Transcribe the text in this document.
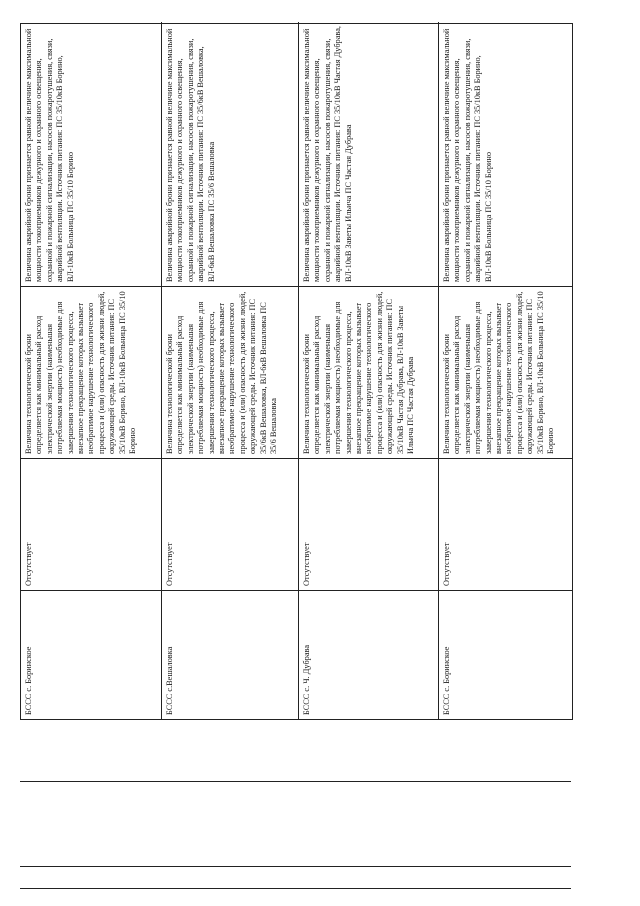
БССС с. Боринское
Отсутствует
Величина технологической брони определяется как минимальный расход электрической энергии (наименьшая потребляемая мощность) необходимые для завершения технологического процесса, внезапное прекращение которых вызывает необратимое нарушение технологического процесса и (или) опасность для жизни людей, окружающей среды. Источник питания: ПС 35/10кВ Борино, ВЛ-10кВ Больница ПС 35/10 Борино
Величина аварийной брони признается равной величине максимальной мощности токоприемников дежурного и охранного освещения, охранной и пожарной сигнализации, насосов пожаротушения, связи, аварийной вентиляции. Источник питания: ПС 35/10кВ Борино, ВЛ-10кВ Больница ПС 35/10 Борино
БССС с.Вешаловка
Отсутствует
Величина технологической брони определяется как минимальный расход электрической энергии (наименьшая потребляемая мощность) необходимые для завершения технологического процесса, внезапное прекращение которых вызывает необратимое нарушение технологического процесса и (или) опасность для жизни людей, окружающей среды. Источник питания: ПС 35/6кВ Вешаловка, ВЛ-6кВ Вешаловка ПС 35/6 Вешаловка
Величина аварийной брони признается равной величине максимальной мощности токоприемников дежурного и охранного освещения, охранной и пожарной сигнализации, насосов пожаротушения, связи, аварийной вентиляции. Источник питания: ПС 35/6кВ Вешаловка, ВЛ-6кВ Вешаловка ПС 35/6 Вешаловка
БССС с. Ч. Дубрава
Отсутствует
Величина технологической брони определяется как минимальный расход электрической энергии (наименьшая потребляемая мощность) необходимые для завершения технологического процесса, внезапное прекращение которых вызывает необратимое нарушение технологического процесса и (или) опасность для жизни людей, окружающей среды. Источник питания: ПС 35/10кВ Частая Дубрава, ВЛ-10кВ Заветы Ильича ПС Частая Дубрава
Величина аварийной брони признается равной величине максимальной мощности токоприемников дежурного и охранного освещения, охранной и пожарной сигнализации, насосов пожаротушения, связи, аварийной вентиляции. Источник питания: ПС 35/10кВ Частая Дубрава, ВЛ-10кВ Заветы Ильича ПС Частая Дубрава
БССС с. Боринское
Отсутствует
Величина технологической брони определяется как минимальный расход электрической энергии (наименьшая потребляемая мощность) необходимые для завершения технологического процесса, внезапное прекращение которых вызывает необратимое нарушение технологического процесса и (или) опасность для жизни людей, окружающей среды. Источник питания: ПС 35/10кВ Борино, ВЛ-10кВ Больница ПС 35/10 Борино
Величина аварийной брони признается равной величине максимальной мощности токоприемников дежурного и охранного освещения, охранной и пожарной сигнализации, насосов пожаротушения, связи, аварийной вентиляции. Источник питания: ПС 35/10кВ Борино, ВЛ-10кВ Больница ПС 35/10 Борино
